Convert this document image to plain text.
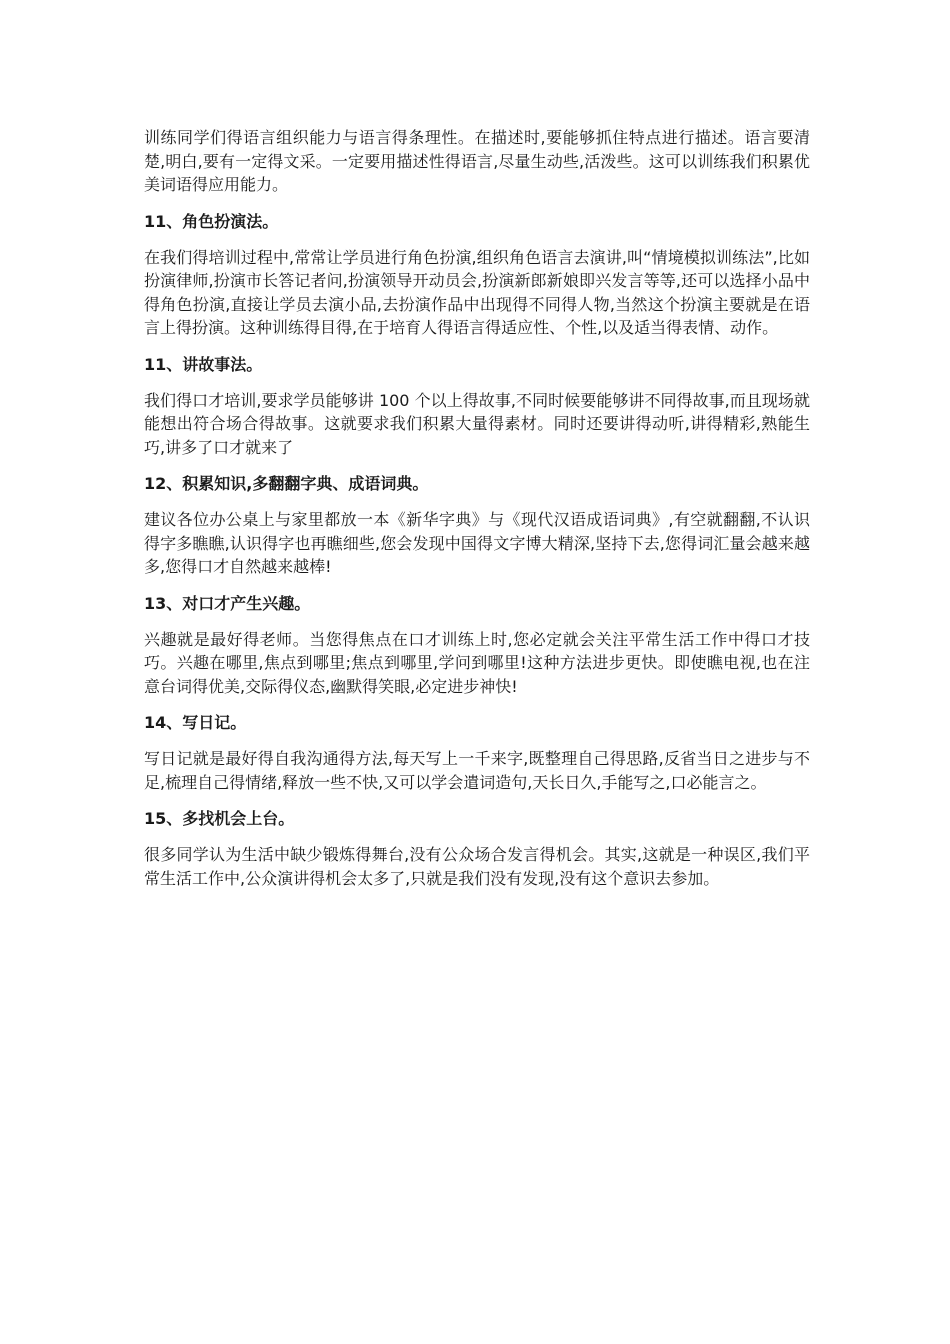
训练同学们得语言组织能力与语言得条理性。在描述时,要能够抓住特点进行描述。语言要清楚,明白,要有一定得文采。一定要用描述性得语言,尽量生动些,活泼些。这可以训练我们积累优美词语得应用能力。

11、角色扮演法。

在我们得培训过程中,常常让学员进行角色扮演,组织角色语言去演讲,叫“情境模拟训练法”,比如扮演律师,扮演市长答记者问,扮演领导开动员会,扮演新郎新娘即兴发言等等,还可以选择小品中得角色扮演,直接让学员去演小品,去扮演作品中出现得不同得人物,当然这个扮演主要就是在语言上得扮演。这种训练得目得,在于培育人得语言得适应性、个性,以及适当得表情、动作。

11、讲故事法。

我们得口才培训,要求学员能够讲 100 个以上得故事,不同时候要能够讲不同得故事,而且现场就能想出符合场合得故事。这就要求我们积累大量得素材。同时还要讲得动听,讲得精彩,熟能生巧,讲多了口才就来了

12、积累知识,多翻翻字典、成语词典。

建议各位办公桌上与家里都放一本《新华字典》与《现代汉语成语词典》,有空就翻翻,不认识得字多瞧瞧,认识得字也再瞧细些,您会发现中国得文字博大精深,坚持下去,您得词汇量会越来越多,您得口才自然越来越棒!

13、对口才产生兴趣。

兴趣就是最好得老师。当您得焦点在口才训练上时,您必定就会关注平常生活工作中得口才技巧。兴趣在哪里,焦点到哪里;焦点到哪里,学问到哪里!这种方法进步更快。即使瞧电视,也在注意台词得优美,交际得仪态,幽默得笑眼,必定进步神快!

14、写日记。

写日记就是最好得自我沟通得方法,每天写上一千来字,既整理自己得思路,反省当日之进步与不足,梳理自己得情绪,释放一些不快,又可以学会遣词造句,天长日久,手能写之,口必能言之。

15、多找机会上台。

很多同学认为生活中缺少锻炼得舞台,没有公众场合发言得机会。其实,这就是一种误区,我们平常生活工作中,公众演讲得机会太多了,只就是我们没有发现,没有这个意识去参加。
